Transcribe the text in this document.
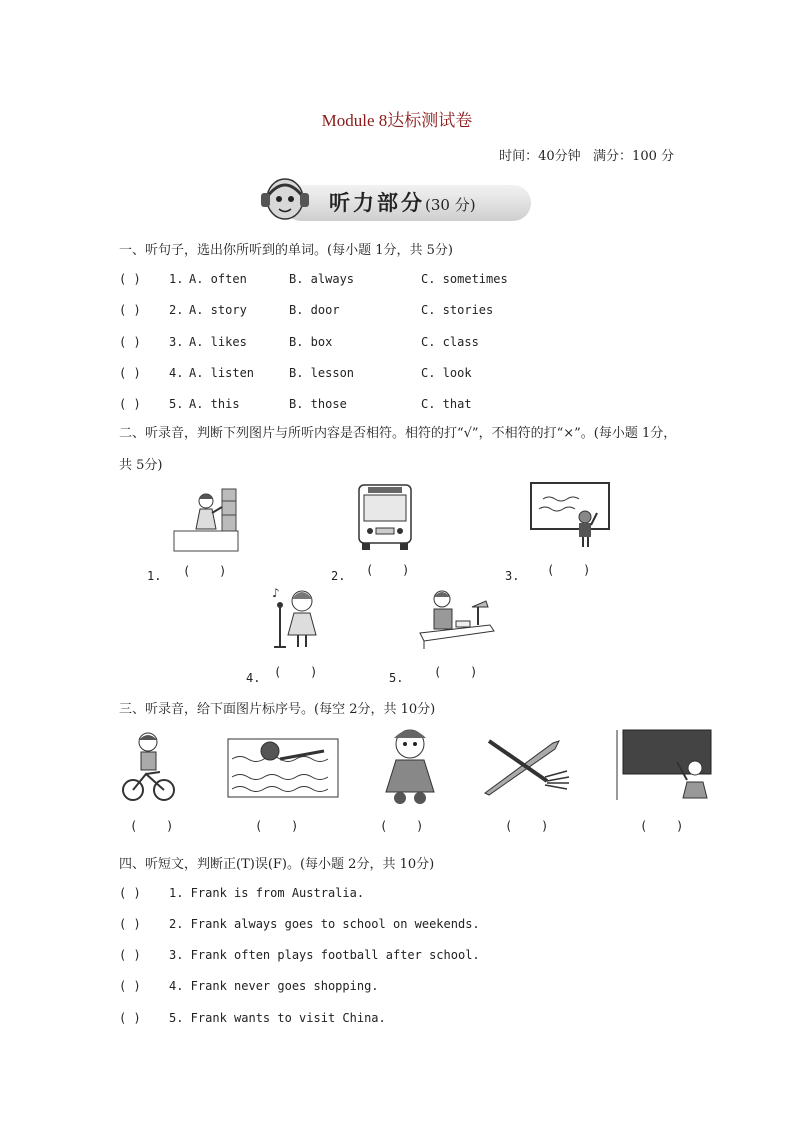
Module 8达标测试卷
时间：40分钟 满分：100 分
听力部分(30 分)
一、听句子，选出你所听到的单词。(每小题 1分，共 5分)
( ) 1. A. often	B. always	C. sometimes
( ) 2. A. story	B. door	C. stories
( ) 3. A. likes	B. box	C. class
( ) 4. A. listen	B. lesson	C. look
( ) 5. A. this	B. those	C. that
二、听录音，判断下列图片与所听内容是否相符。相符的打“√”，不相符的打“×”。(每小题 1分，共 5分)
1. (    )	2. (    )	3. (    )
♪
4. (    )	5.	(    )
三、听录音，给下面图片标序号。(每空 2分，共 10分)
(    )	(    )	(    )	(    )	(    )
四、听短文，判断正(T)误(F)。(每小题 2分，共 10分)
( ) 1. Frank is from Australia.
( ) 2. Frank always goes to school on weekends.
( ) 3. Frank often plays football after school.
( ) 4. Frank never goes shopping.
( ) 5. Frank wants to visit China.
